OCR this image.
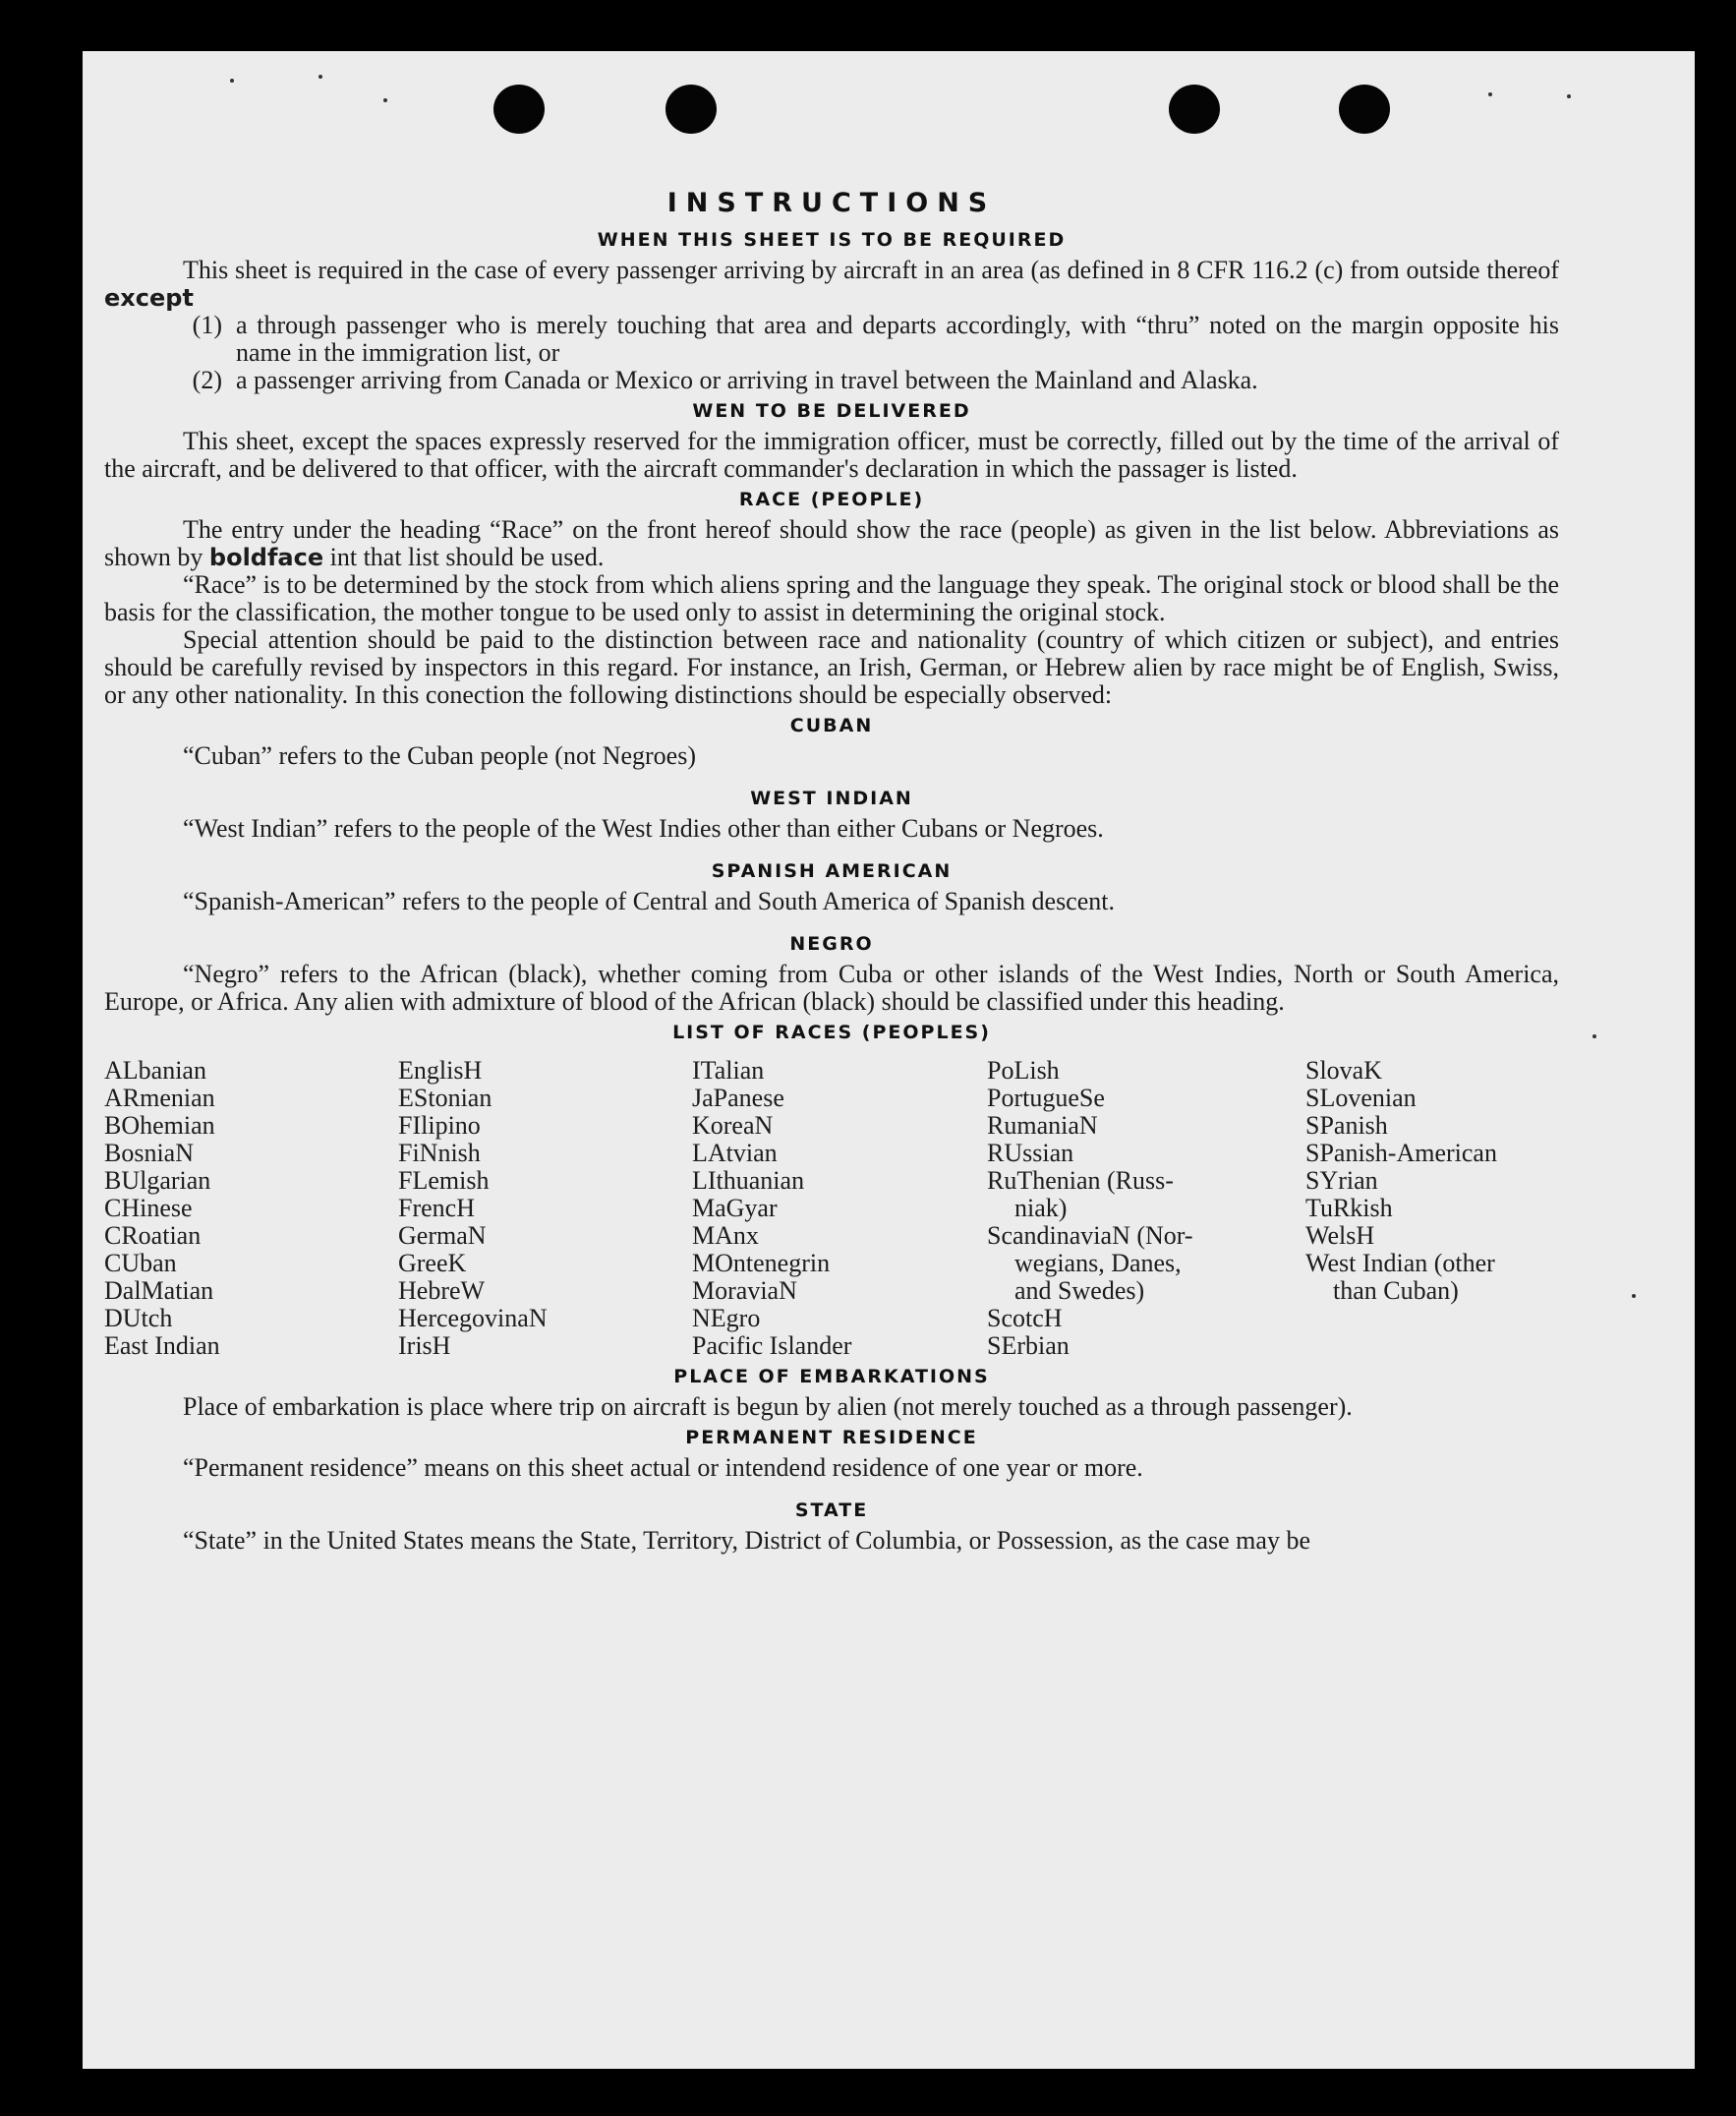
INSTRUCTIONS
WHEN THIS SHEET IS TO BE REQUIRED

This sheet is required in the case of every passenger arriving by aircraft in an area (as defined in 8 CFR 116.2 (c) from outside thereof except

(1) a through passenger who is merely touching that area and departs accordingly, with “thru” noted on the margin opposite his name in the immigration list, or
(2) a passenger arriving from Canada or Mexico or arriving in travel between the Mainland and Alaska.
WEN TO BE DELIVERED

This sheet, except the spaces expressly reserved for the immigration officer, must be correctly, filled out by the time of the arrival of the aircraft, and be delivered to that officer, with the aircraft commander's declaration in which the passager is listed.

RACE (PEOPLE)

The entry under the heading “Race” on the front hereof should show the race (people) as given in the list below. Abbreviations as shown by boldface int that list should be used.

“Race” is to be determined by the stock from which aliens spring and the language they speak. The original stock or blood shall be the basis for the classification, the mother tongue to be used only to assist in determining the original stock.

Special attention should be paid to the distinction between race and nationality (country of which citizen or subject), and entries should be carefully revised by inspectors in this regard. For instance, an Irish, German, or Hebrew alien by race might be of English, Swiss, or any other nationality. In this conection the following distinctions should be especially observed:

CUBAN

“Cuban” refers to the Cuban people (not Negroes)

WEST INDIAN

“West Indian” refers to the people of the West Indies other than either Cubans or Negroes.

SPANISH AMERICAN

“Spanish-American” refers to the people of Central and South America of Spanish descent.

NEGRO

“Negro” refers to the African (black), whether coming from Cuba or other islands of the West Indies, North or South America, Europe, or Africa. Any alien with admixture of blood of the African (black) should be classified under this heading.

LIST OF RACES (PEOPLES)
ALbanian
ARmenian
BOhemian
BosniaN
BUlgarian
CHinese
CRoatian
CUban
DalMatian
DUtch
East Indian
EnglisH
EStonian
FIlipino
FiNnish
FLemish
FrencH
GermaN
GreeK
HebreW
HercegovinaN
IrisH
ITalian
JaPanese
KoreaN
LAtvian
LIthuanian
MaGyar
MAnx
MOntenegrin
MoraviaN
NEgro
Pacific Islander
PoLish
PortugueSe
RumaniaN
RUssian
RuThenian (Russ-
niak)
ScandinaviaN (Nor-
wegians, Danes,
and Swedes)
ScotcH
SErbian
SlovaK
SLovenian
SPanish
SPanish-American
SYrian
TuRkish
WelsH
West Indian (other
than Cuban)
PLACE OF EMBARKATIONS

Place of embarkation is place where trip on aircraft is begun by alien (not merely touched as a through passenger).

PERMANENT RESIDENCE

“Permanent residence” means on this sheet actual or intendend residence of one year or more.

STATE

“State” in the United States means the State, Territory, District of Columbia, or Possession, as the case may be
